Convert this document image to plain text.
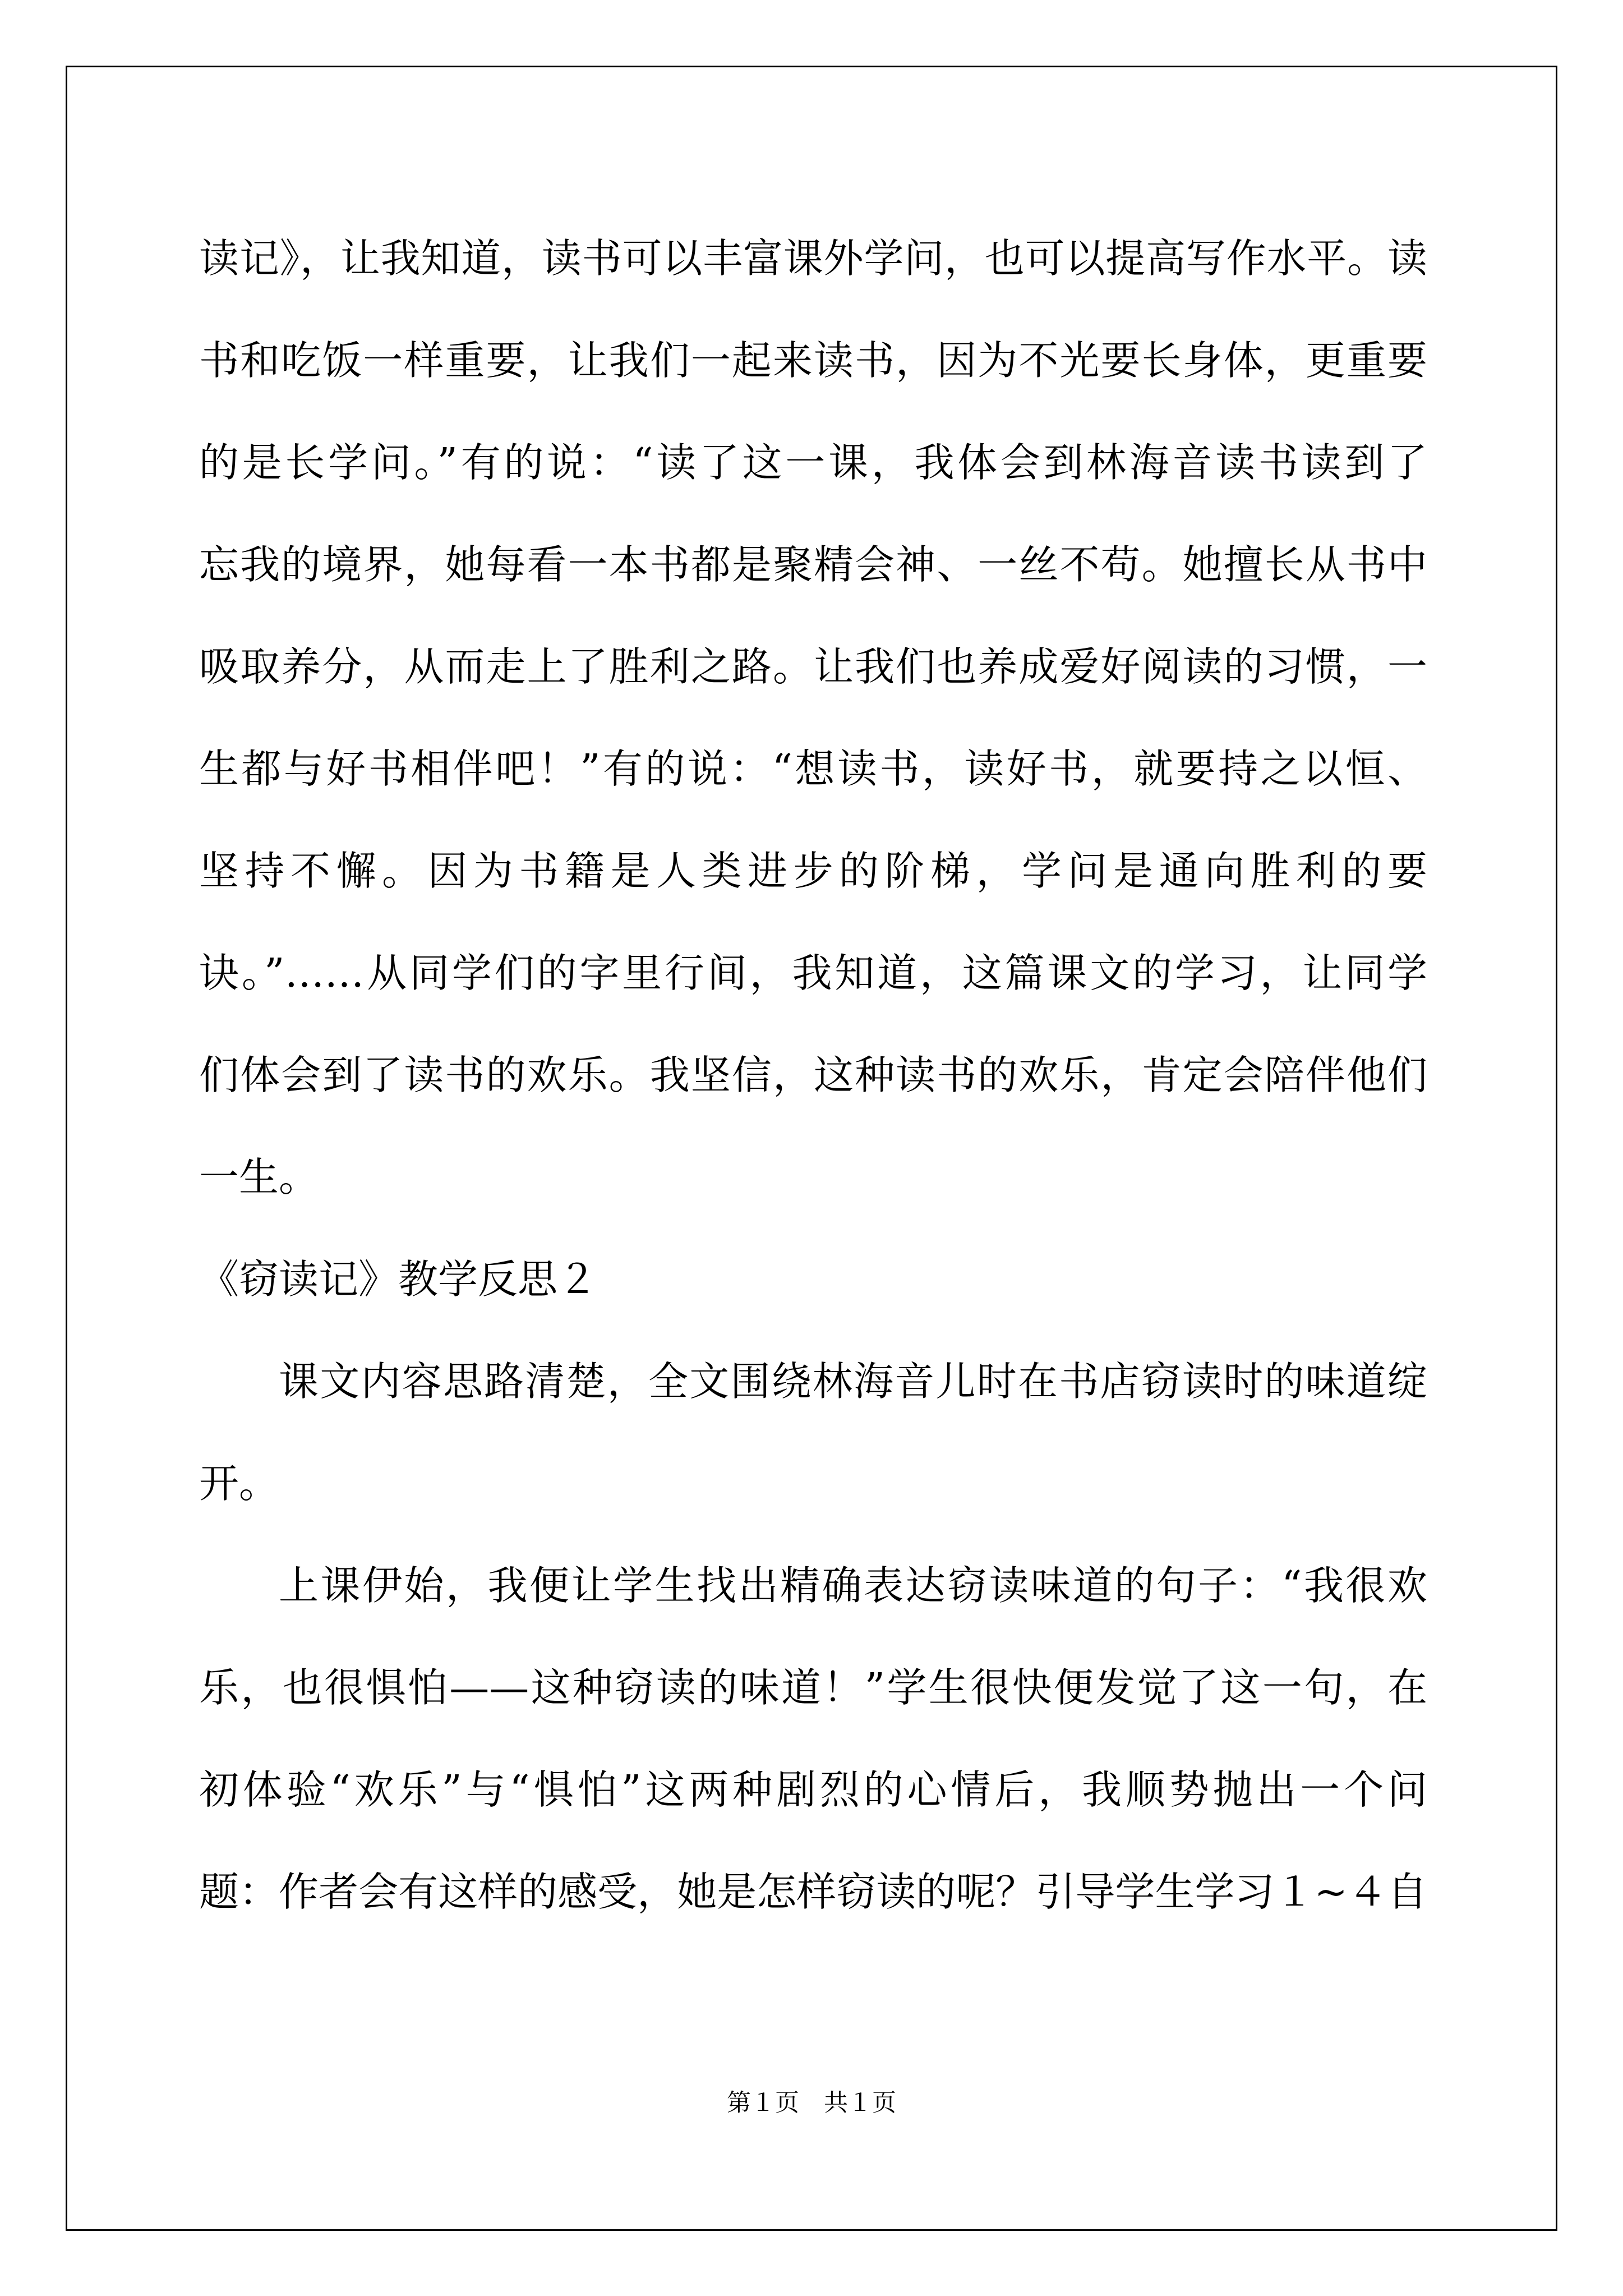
读记》，让我知道，读书可以丰富课外学问，也可以提高写作水平。读
书和吃饭一样重要，让我们一起来读书，因为不光要长身体，更重要
的是长学问。”有的说：“读了这一课，我体会到林海音读书读到了
忘我的境界，她每看一本书都是聚精会神、一丝不苟。她擅长从书中
吸取养分，从而走上了胜利之路。让我们也养成爱好阅读的习惯，一
生都与好书相伴吧！”有的说：“想读书，读好书，就要持之以恒、
坚持不懈。因为书籍是人类进步的阶梯，学问是通向胜利的要
诀。”……从同学们的字里行间，我知道，这篇课文的学习，让同学
们体会到了读书的欢乐。我坚信，这种读书的欢乐，肯定会陪伴他们
一生。
《窃读记》教学反思２
课文内容思路清楚，全文围绕林海音儿时在书店窃读时的味道绽
开。
上课伊始，我便让学生找出精确表达窃读味道的句子：“我很欢
乐，也很惧怕——这种窃读的味道！”学生很快便发觉了这一句，在
初体验“欢乐”与“惧怕”这两种剧烈的心情后，我顺势抛出一个问
题：作者会有这样的感受，她是怎样窃读的呢？引导学生学习１~４自
第１页 共１页
